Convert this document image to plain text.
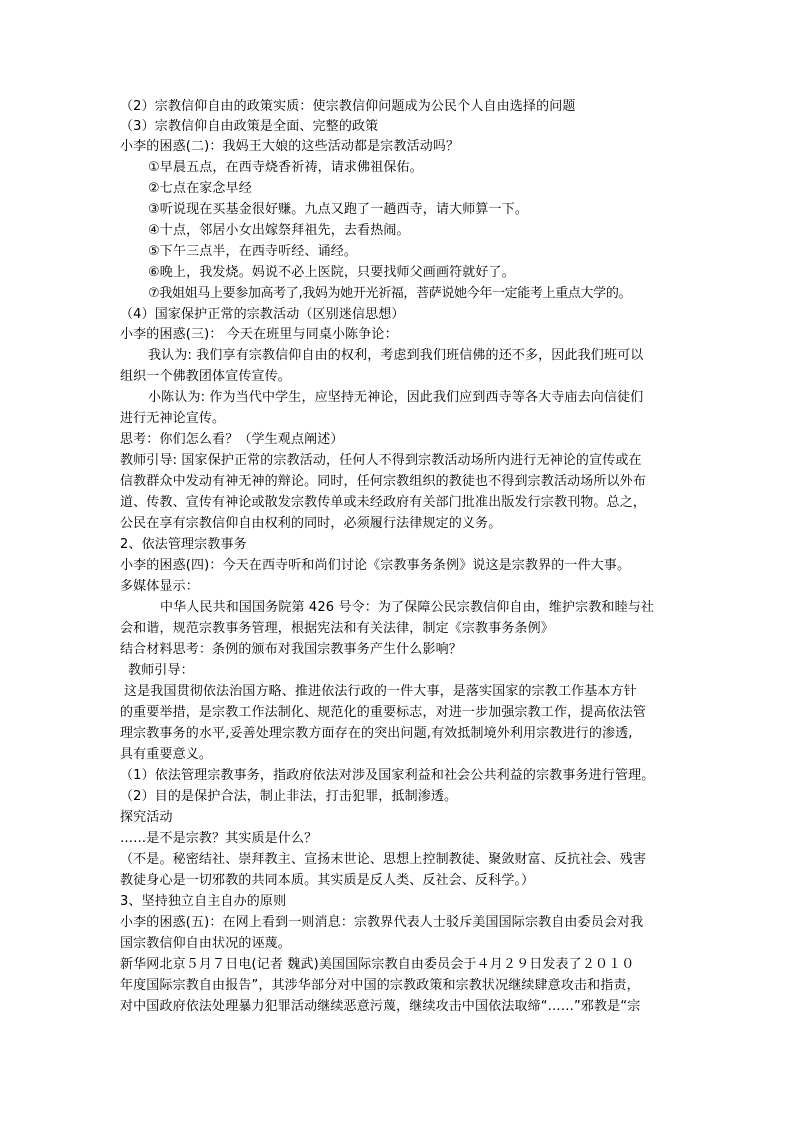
（2）宗教信仰自由的政策实质：使宗教信仰问题成为公民个人自由选择的问题
（3）宗教信仰自由政策是全面、完整的政策
小李的困惑(二)：我妈王大娘的这些活动都是宗教活动吗？
①早晨五点，在西寺烧香祈祷，请求佛祖保佑。
②七点在家念早经
③听说现在买基金很好赚。九点又跑了一趟西寺，请大师算一下。
④十点，邻居小女出嫁祭拜祖先，去看热闹。
⑤下午三点半，在西寺听经、诵经。
⑥晚上，我发烧。妈说不必上医院，只要找师父画画符就好了。
⑦我姐姐马上要参加高考了,我妈为她开光祈福，菩萨说她今年一定能考上重点大学的。
（4）国家保护正常的宗教活动（区别迷信思想）
小李的困惑(三)： 今天在班里与同桌小陈争论：
我认为: 我们享有宗教信仰自由的权利，考虑到我们班信佛的还不多，因此我们班可以
组织一个佛教团体宣传宣传。
小陈认为: 作为当代中学生，应坚持无神论，因此我们应到西寺等各大寺庙去向信徒们
进行无神论宣传。
思考：你们怎么看？（学生观点阐述）
教师引导: 国家保护正常的宗教活动，任何人不得到宗教活动场所内进行无神论的宣传或在
信教群众中发动有神无神的辩论。同时，任何宗教组织的教徒也不得到宗教活动场所以外布
道、传教、宣传有神论或散发宗教传单或未经政府有关部门批准出版发行宗教刊物。总之，
公民在享有宗教信仰自由权利的同时，必须履行法律规定的义务。
2、依法管理宗教事务
小李的困惑(四)：今天在西寺听和尚们讨论《宗教事务条例》说这是宗教界的一件大事。
多媒体显示：
中华人民共和国国务院第 426 号令：为了保障公民宗教信仰自由，维护宗教和睦与社
会和谐，规范宗教事务管理，根据宪法和有关法律，制定《宗教事务条例》
结合材料思考：条例的颁布对我国宗教事务产生什么影响？
教师引导：
这是我国贯彻依法治国方略、推进依法行政的一件大事，是落实国家的宗教工作基本方针
的重要举措，是宗教工作法制化、规范化的重要标志，对进一步加强宗教工作，提高依法管
理宗教事务的水平,妥善处理宗教方面存在的突出问题,有效抵制境外利用宗教进行的渗透,
具有重要意义。
（1）依法管理宗教事务，指政府依法对涉及国家利益和社会公共利益的宗教事务进行管理。
（2）目的是保护合法，制止非法，打击犯罪，抵制渗透。
探究活动
……是不是宗教？其实质是什么？
（不是。秘密结社、崇拜教主、宣扬末世论、思想上控制教徒、聚敛财富、反抗社会、残害
教徒身心是一切邪教的共同本质。其实质是反人类、反社会、反科学。）
3、坚持独立自主自办的原则
小李的困惑(五)：在网上看到一则消息：宗教界代表人士驳斥美国国际宗教自由委员会对我
国宗教信仰自由状况的诬蔑。
新华网北京５月７日电(记者 魏武)美国国际宗教自由委员会于４月２９日发表了２０１０
年度国际宗教自由报告”，其涉华部分对中国的宗教政策和宗教状况继续肆意攻击和指责，
对中国政府依法处理暴力犯罪活动继续恶意污蔑，继续攻击中国依法取缔“……”邪教是“宗
